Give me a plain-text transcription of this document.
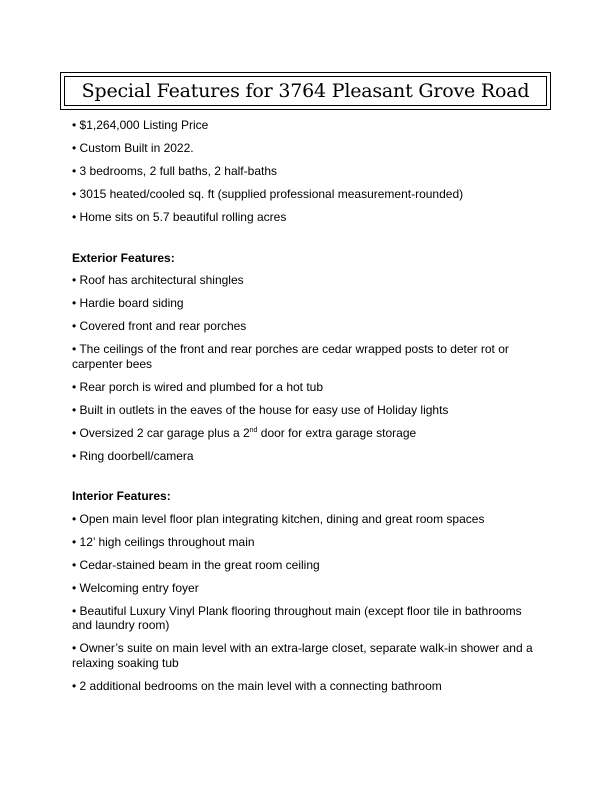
Special Features for 3764 Pleasant Grove Road
• $1,264,000 Listing Price
• Custom Built in 2022.
• 3 bedrooms, 2 full baths, 2 half-baths
• 3015 heated/cooled sq. ft (supplied professional measurement-rounded)
• Home sits on 5.7 beautiful rolling acres
Exterior Features:
• Roof has architectural shingles
• Hardie board siding
• Covered front and rear porches
• The ceilings of the front and rear porches are cedar wrapped posts to deter rot or carpenter bees
• Rear porch is wired and plumbed for a hot tub
• Built in outlets in the eaves of the house for easy use of Holiday lights
• Oversized 2 car garage plus a 2nd door for extra garage storage
• Ring doorbell/camera
Interior Features:
• Open main level floor plan integrating kitchen, dining and great room spaces
• 12’ high ceilings throughout main
• Cedar-stained beam in the great room ceiling
• Welcoming entry foyer
• Beautiful Luxury Vinyl Plank flooring throughout main (except floor tile in bathrooms and laundry room)
• Owner’s suite on main level with an extra-large closet, separate walk-in shower and a relaxing soaking tub
• 2 additional bedrooms on the main level with a connecting bathroom
